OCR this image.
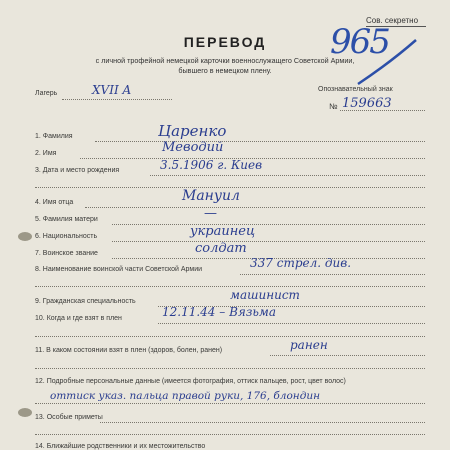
Сов. секретно
965
ПЕРЕВОД
с личной трофейной немецкой карточки военнослужащего Советской Армии,
бывшего в немецком плену.
Лагерь	XVII A	Опознавательный знак
№ 159663
1. Фамилия	Царенко
2. Имя	Меводий
3. Дата и место рождения	3.5.1906 г. Киев
4. Имя отца	Мануил
5. Фамилия матери	—
6. Национальность	украинец
7. Воинское звание	солдат
8. Наименование воинской части Советской Армии	337 стрел. див.
9. Гражданская специальность	машинист
10. Когда и где взят в плен	12.11.44 – Вязьма
11. В каком состоянии взят в плен (здоров, болен, ранен)	ранен
12. Подробные персональные данные (имеется фотография, оттиск пальцев, рост, цвет волос)
оттиск указ. пальца правой руки, 176, блондин
13. Особые приметы
14. Ближайшие родственники и их местожительство
